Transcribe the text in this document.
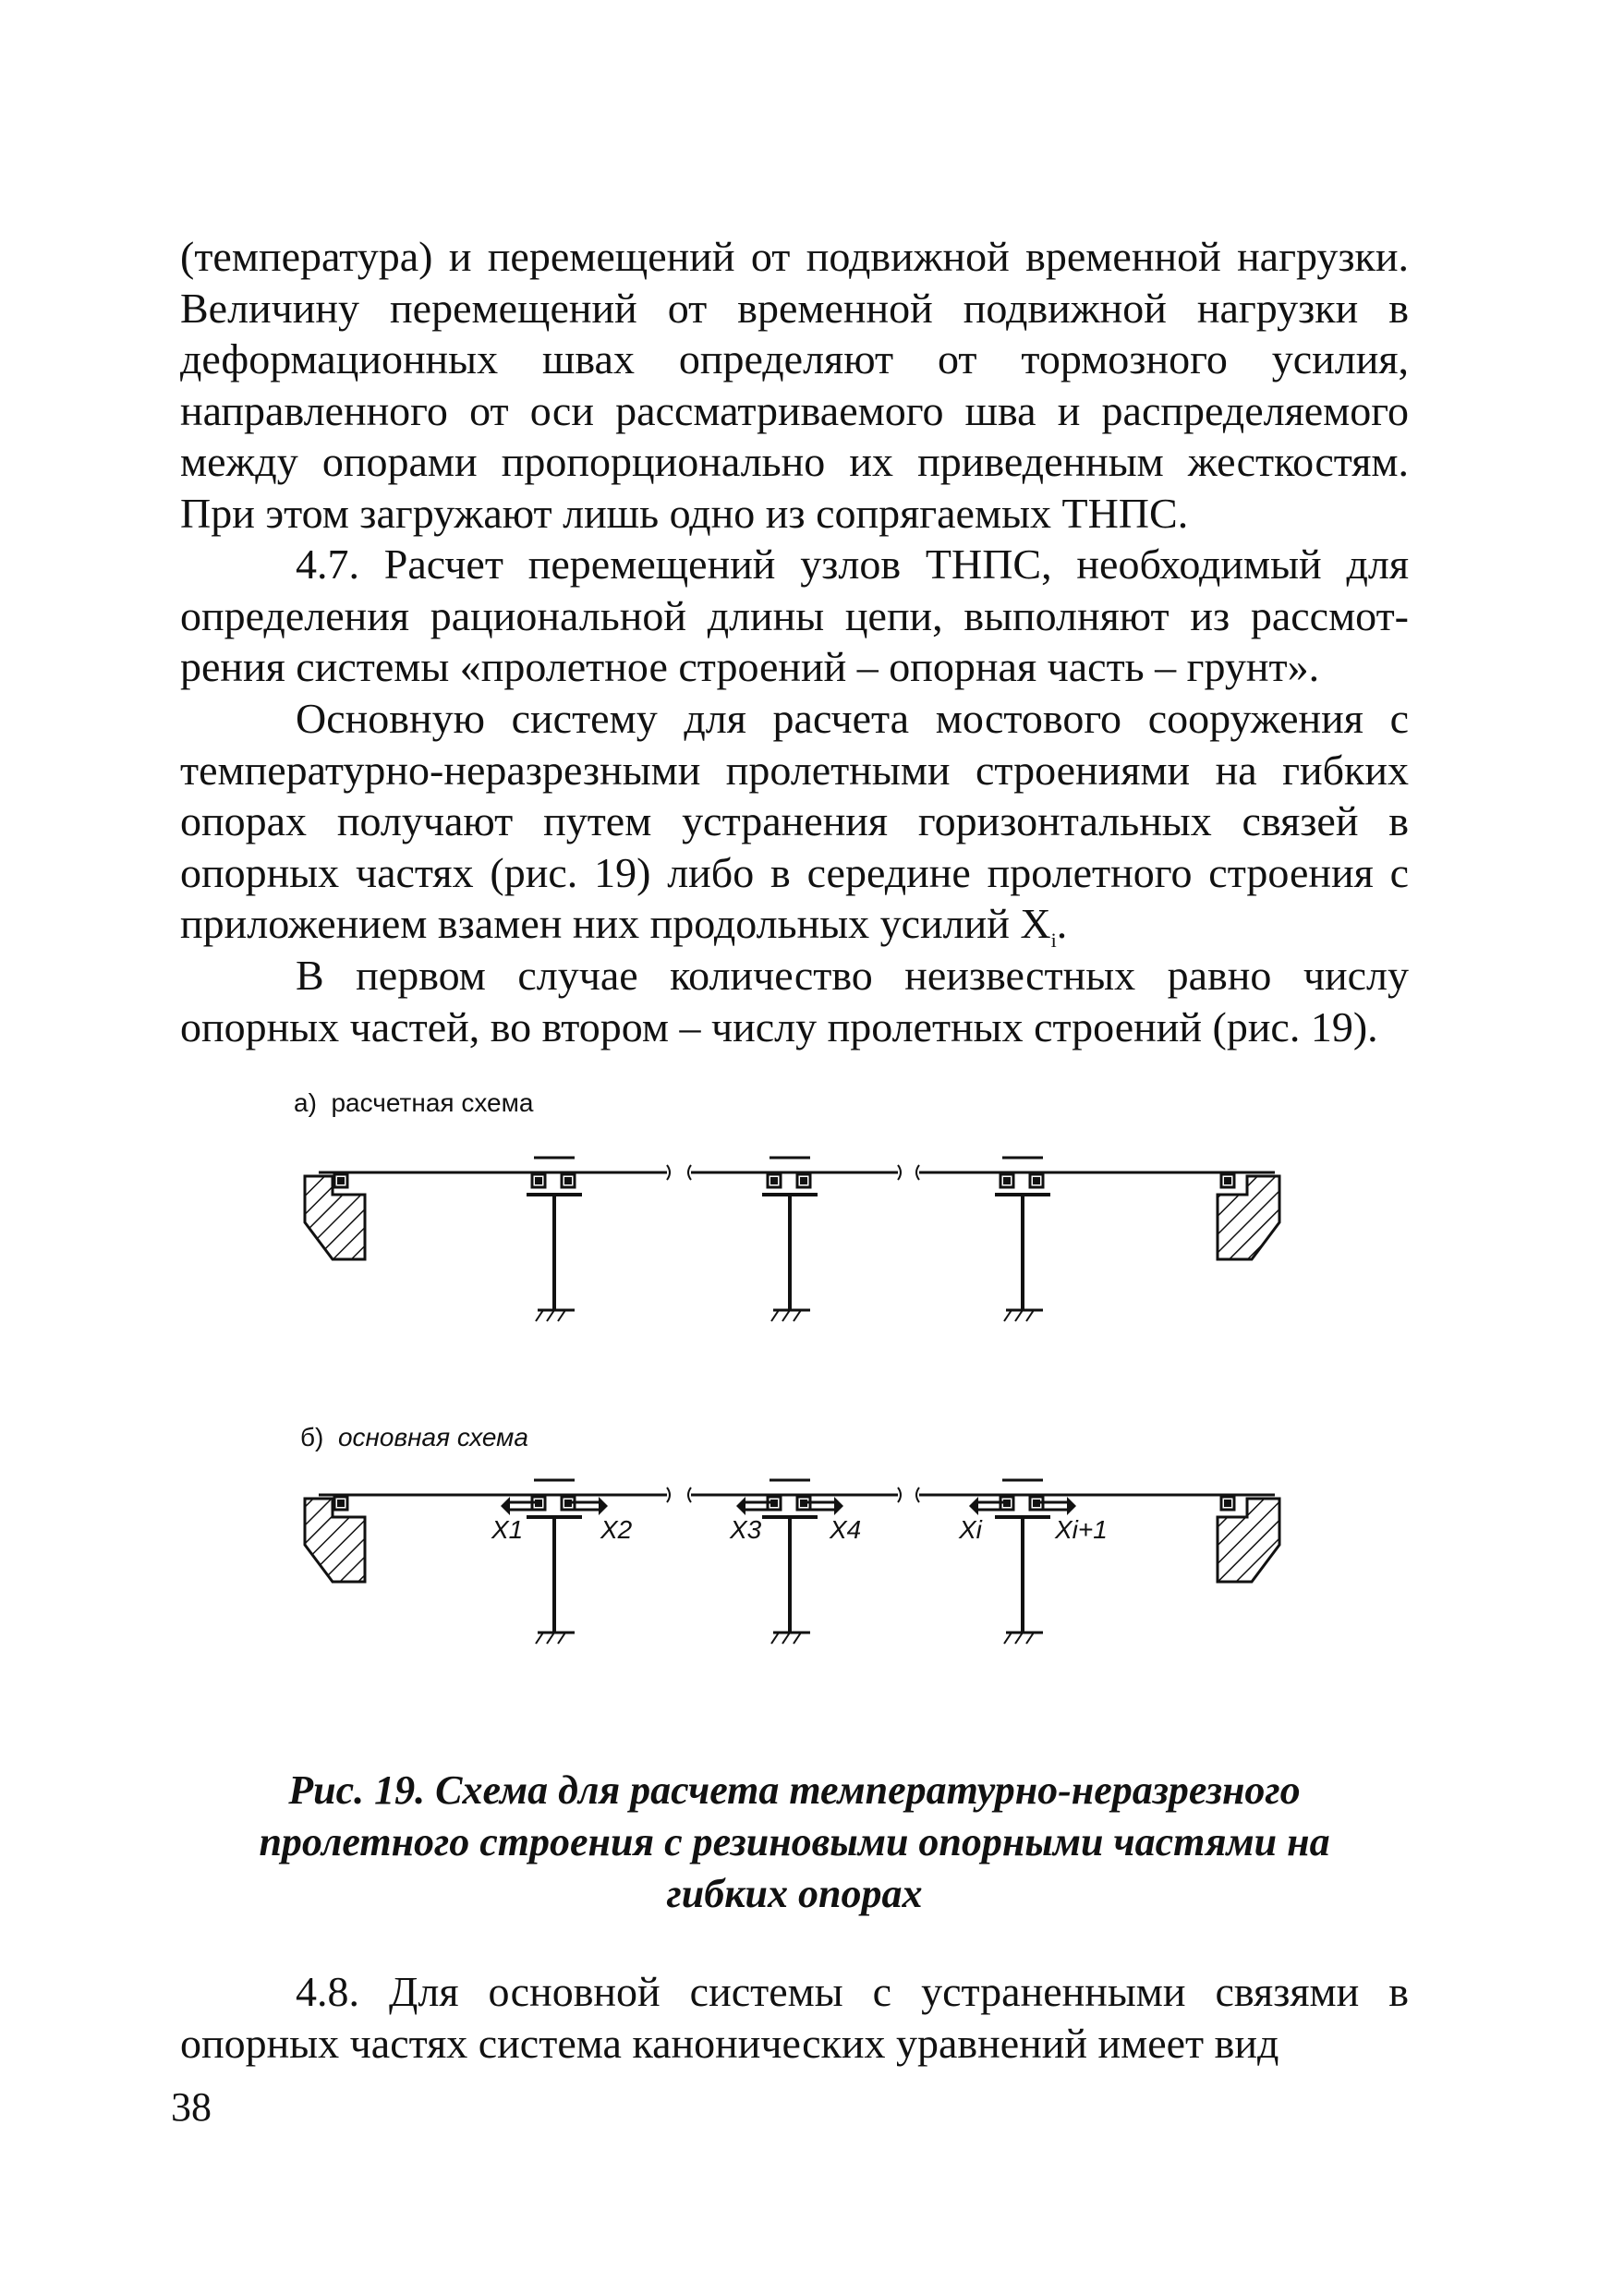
(температура) и перемещений от подвижной временной нагрузки.
Величину перемещений от временной подвижной нагрузки в
деформационных швах определяют от тормозного усилия,
направленного от оси рассматриваемого шва и распределяемого
между опорами пропорционально их приведенным жесткостям.
При этом загружают лишь одно из сопрягаемых ТНПС.

4.7. Расчет перемещений узлов ТНПС, необходимый для
определения рациональной длины цепи, выполняют из рассмот-
рения системы «пролетное строений – опорная часть – грунт».

Основную систему для расчета мостового сооружения с
температурно-неразрезными пролетными строениями на гибких
опорах получают путем устранения горизонтальных связей в
опорных частях (рис. 19) либо в середине пролетного строения с
приложением взамен них продольных усилий $X_i$.

В первом случае количество неизвестных равно числу
опорных частей, во втором – числу пролетных строений (рис. 19).

а) расчетная схема
б) основная схема
X1	X2	X3	X4	Xi	Xi+1
Рис. 19. Схема для расчета температурно-неразрезного
пролетного строения с резиновыми опорными частями на
гибких опорах

4.8. Для основной системы с устраненными связями в
опорных частях система канонических уравнений имеет вид

38
